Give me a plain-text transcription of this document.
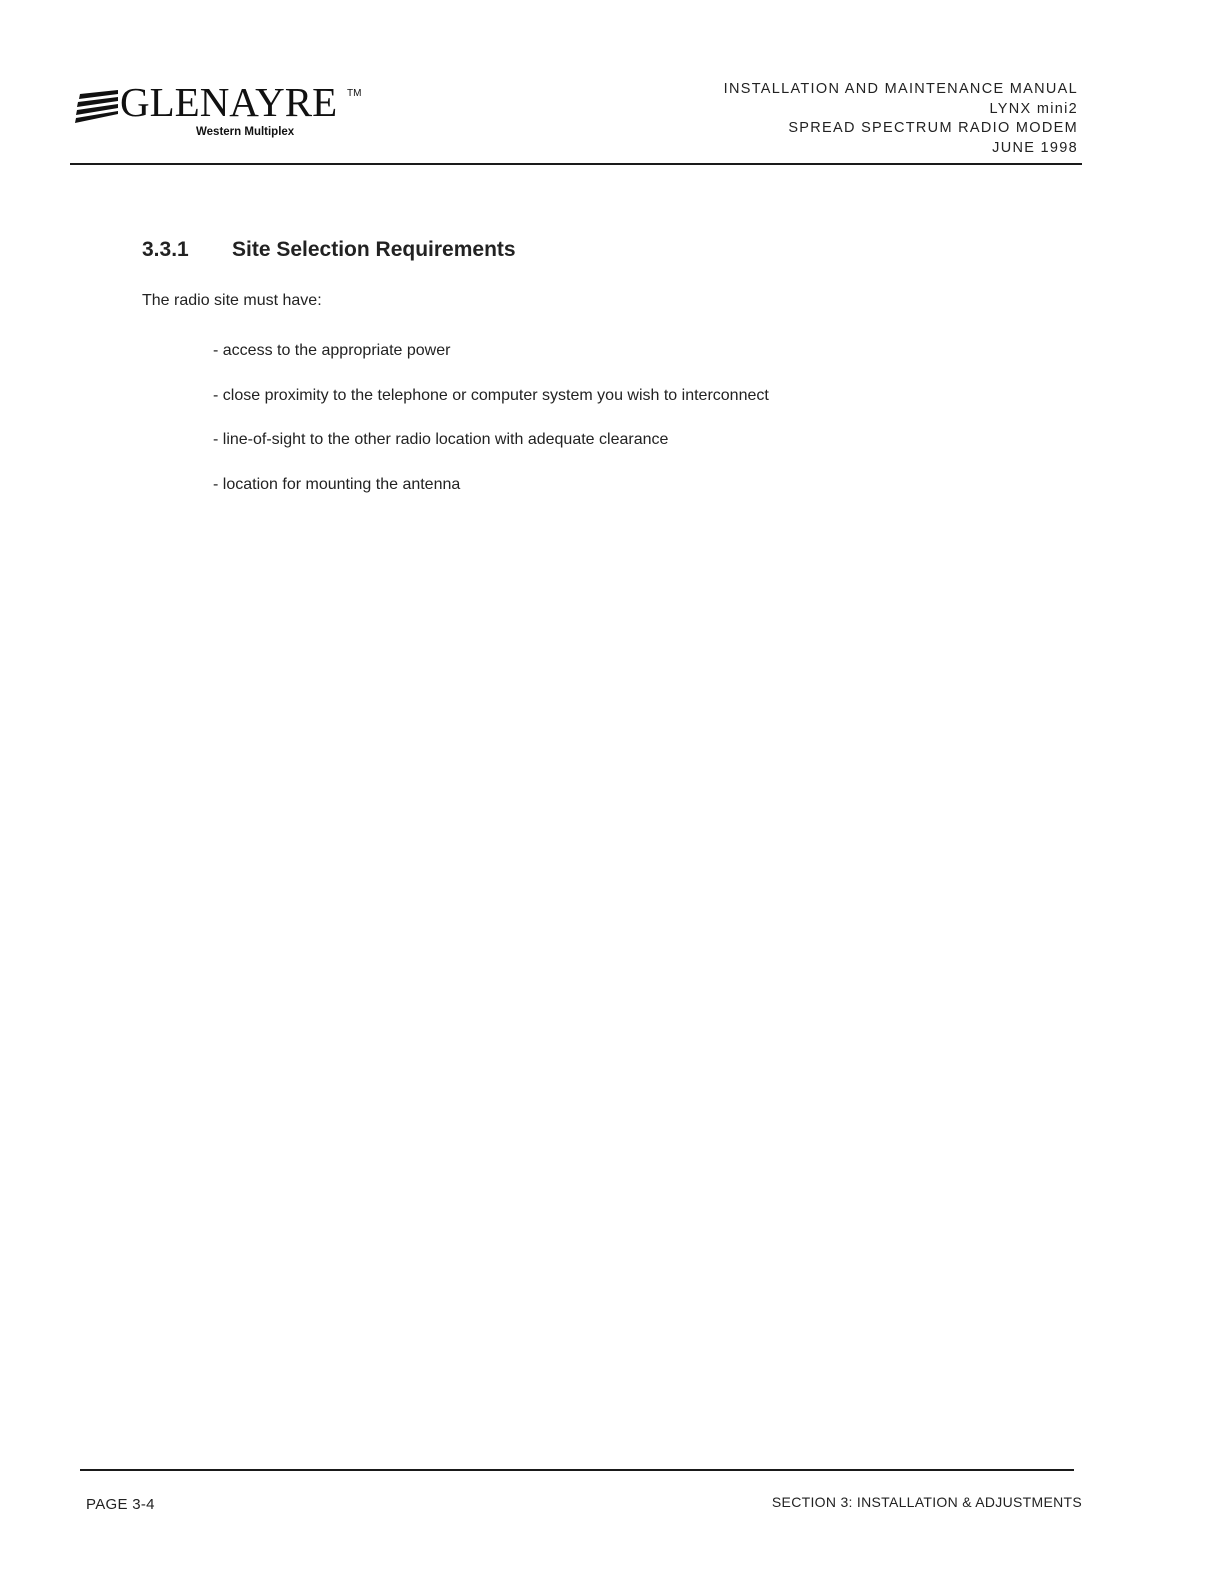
GLENAYRE TM
Western Multiplex
INSTALLATION AND MAINTENANCE MANUAL
LYNX mini2
SPREAD SPECTRUM RADIO MODEM
JUNE 1998
3.3.1 Site Selection Requirements
The radio site must have:
- access to the appropriate power
- close proximity to the telephone or computer system you wish to interconnect
- line-of-sight to the other radio location with adequate clearance
- location for mounting the antenna
PAGE 3-4	SECTION 3: INSTALLATION & ADJUSTMENTS
